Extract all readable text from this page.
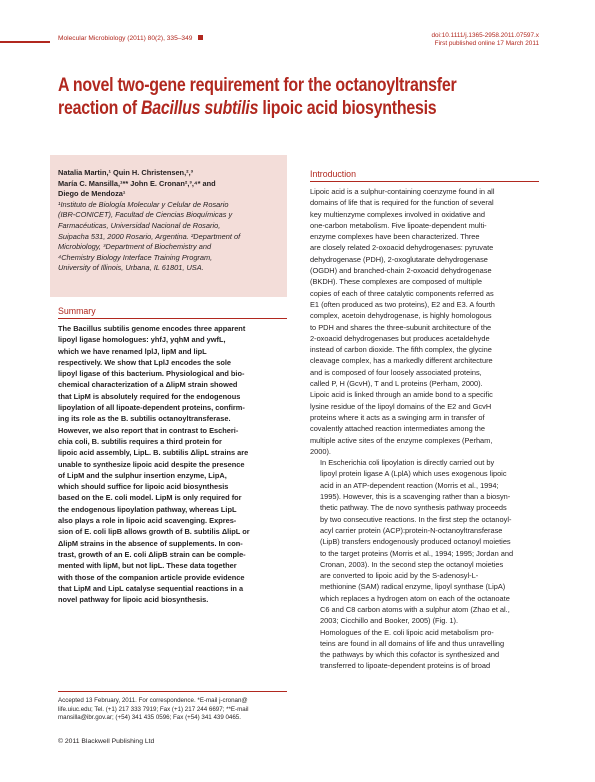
Molecular Microbiology (2011) 80(2), 335–349	doi:10.1111/j.1365-2958.2011.07597.x
First published online 17 March 2011
A novel two-gene requirement for the octanoyltransfer
reaction of Bacillus subtilis lipoic acid biosynthesis
Natalia Martin,¹ Quin H. Christensen,²,³
María C. Mansilla,¹** John E. Cronan²,³,⁴* and
Diego de Mendoza¹
¹Instituto de Biología Molecular y Celular de Rosario
(IBR-CONICET), Facultad de Ciencias Bioquímicas y
Farmacéuticas, Universidad Nacional de Rosario,
Suipacha 531, 2000 Rosario, Argentina. ²Department of
Microbiology, ³Department of Biochemistry and
⁴Chemistry Biology Interface Training Program,
University of Illinois, Urbana, IL 61801, USA.
Summary
The Bacillus subtilis genome encodes three apparent
lipoyl ligase homologues: yhfJ, yqhM and ywfL,
which we have renamed lplJ, lipM and lipL
respectively. We show that LplJ encodes the sole
lipoyl ligase of this bacterium. Physiological and bio-
chemical characterization of a ΔlipM strain showed
that LipM is absolutely required for the endogenous
lipoylation of all lipoate-dependent proteins, confirm-
ing its role as the B. subtilis octanoyltransferase.
However, we also report that in contrast to Escheri-
chia coli, B. subtilis requires a third protein for
lipoic acid assembly, LipL. B. subtilis ΔlipL strains are
unable to synthesize lipoic acid despite the presence
of LipM and the sulphur insertion enzyme, LipA,
which should suffice for lipoic acid biosynthesis
based on the E. coli model. LipM is only required for
the endogenous lipoylation pathway, whereas LipL
also plays a role in lipoic acid scavenging. Expres-
sion of E. coli lipB allows growth of B. subtilis ΔlipL or
ΔlipM strains in the absence of supplements. In con-
trast, growth of an E. coli ΔlipB strain can be comple-
mented with lipM, but not lipL. These data together
with those of the companion article provide evidence
that LipM and LipL catalyse sequential reactions in a
novel pathway for lipoic acid biosynthesis.
Accepted 13 February, 2011. For correspondence. *E-mail j-cronan@
life.uiuc.edu; Tel. (+1) 217 333 7919; Fax (+1) 217 244 6697; **E-mail
mansilla@ibr.gov.ar; (+54) 341 435 0596; Fax (+54) 341 439 0465.
© 2011 Blackwell Publishing Ltd
Introduction

Lipoic acid is a sulphur-containing coenzyme found in all
domains of life that is required for the function of several
key multienzyme complexes involved in oxidative and
one-carbon metabolism. Five lipoate-dependent multi-
enzyme complexes have been characterized. Three
are closely related 2-oxoacid dehydrogenases: pyruvate
dehydrogenase (PDH), 2-oxoglutarate dehydrogenase
(OGDH) and branched-chain 2-oxoacid dehydrogenase
(BKDH). These complexes are composed of multiple
copies of each of three catalytic components referred as
E1 (often produced as two proteins), E2 and E3. A fourth
complex, acetoin dehydrogenase, is highly homologous
to PDH and shares the three-subunit architecture of the
2-oxoacid dehydrogenases but produces acetaldehyde
instead of carbon dioxide. The fifth complex, the glycine
cleavage complex, has a markedly different architecture
and is composed of four loosely associated proteins,
called P, H (GcvH), T and L proteins (Perham, 2000).
Lipoic acid is linked through an amide bond to a specific
lysine residue of the lipoyl domains of the E2 and GcvH
proteins where it acts as a swinging arm in transfer of
covalently attached reaction intermediates among the
multiple active sites of the enzyme complexes (Perham,
2000).

In Escherichia coli lipoylation is directly carried out by
lipoyl protein ligase A (LplA) which uses exogenous lipoic
acid in an ATP-dependent reaction (Morris et al., 1994;
1995). However, this is a scavenging rather than a biosyn-
thetic pathway. The de novo synthesis pathway proceeds
by two consecutive reactions. In the first step the octanoyl-
acyl carrier protein (ACP):protein-N-octanoyltransferase
(LipB) transfers endogenously produced octanoyl moieties
to the target proteins (Morris et al., 1994; 1995; Jordan and
Cronan, 2003). In the second step the octanoyl moieties
are converted to lipoic acid by the S-adenosyl-L-
methionine (SAM) radical enzyme, lipoyl synthase (LipA)
which replaces a hydrogen atom on each of the octanoate
C6 and C8 carbon atoms with a sulphur atom (Zhao et al.,
2003; Cicchillo and Booker, 2005) (Fig. 1).

Homologues of the E. coli lipoic acid metabolism pro-
teins are found in all domains of life and thus unravelling
the pathways by which this cofactor is synthesized and
transferred to lipoate-dependent proteins is of broad
